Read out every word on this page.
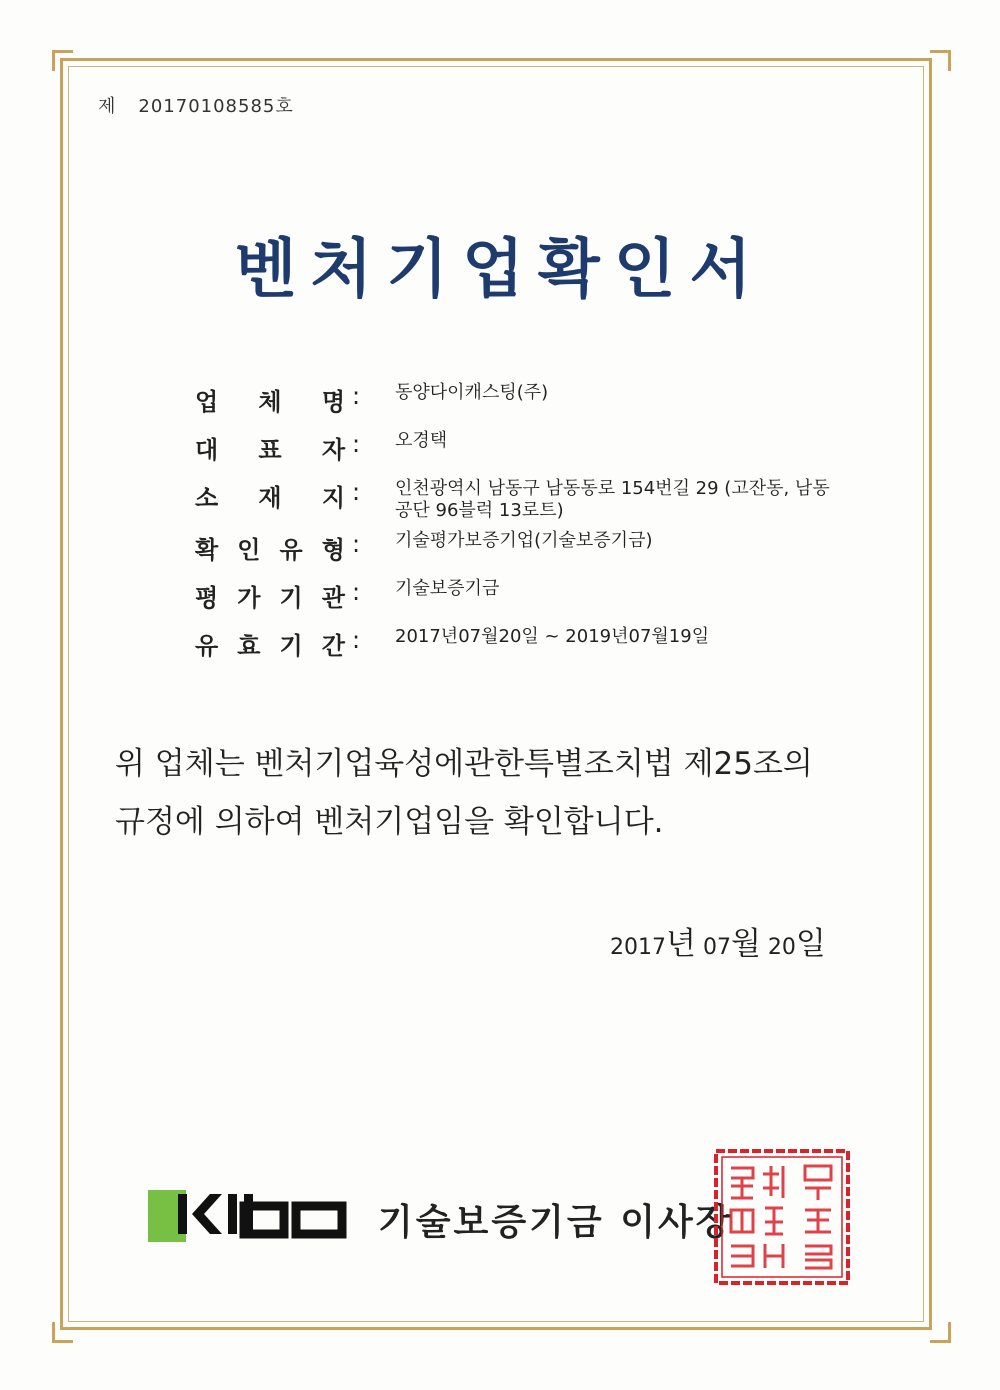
제 20170108585호
벤처기업확인서
업 체 명 : 동양다이캐스팅(주)
대 표 자 : 오경택
소 재 지 : 인천광역시 남동구 남동동로 154번길 29 (고잔동, 남동
공단 96블럭 13로트)
확 인 유 형 : 기술평가보증기업(기술보증기금)
평 가 기 관 : 기술보증기금
유 효 기 간 : 2017년07월20일 ~ 2019년07월19일
위 업체는 벤처기업육성에관한특별조치법 제25조의
규정에 의하여 벤처기업임을 확인합니다.
2017년 07월 20일
기술보증기금 이사장
